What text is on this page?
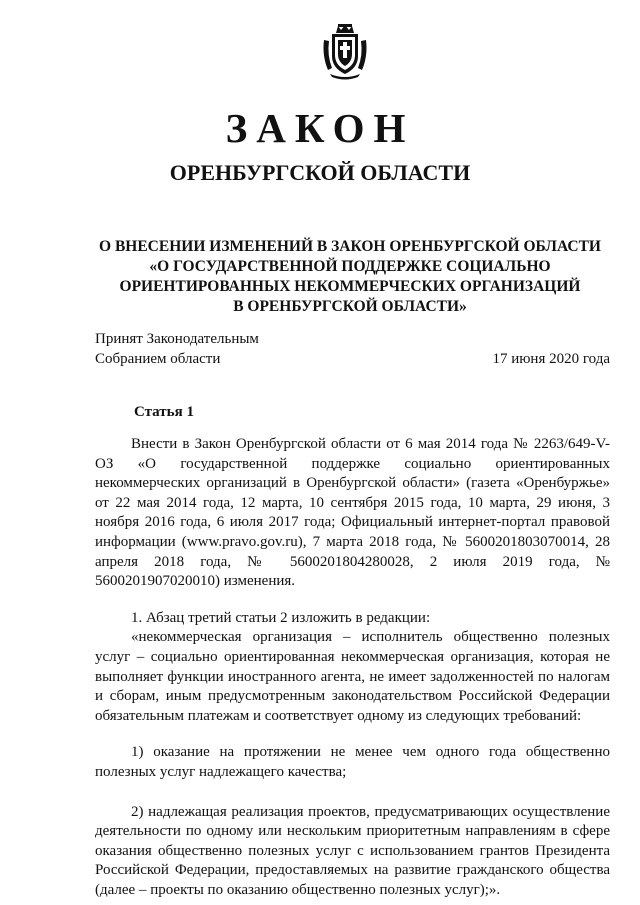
ЗАКОН
ОРЕНБУРГСКОЙ ОБЛАСТИ
О ВНЕСЕНИИ ИЗМЕНЕНИЙ В ЗАКОН ОРЕНБУРГСКОЙ ОБЛАСТИ
«О ГОСУДАРСТВЕННОЙ ПОДДЕРЖКЕ СОЦИАЛЬНО
ОРИЕНТИРОВАННЫХ НЕКОММЕРЧЕСКИХ ОРГАНИЗАЦИЙ
В ОРЕНБУРГСКОЙ ОБЛАСТИ»
Принят Законодательным
Собранием области	17 июня 2020 года
Статья 1

Внести в Закон Оренбургской области от 6 мая 2014 года № 2263/649-V-ОЗ «О государственной поддержке социально ориентированных некоммерческих организаций в Оренбургской области» (газета «Оренбуржье» от 22 мая 2014 года, 12 марта, 10 сентября 2015 года, 10 марта, 29 июня, 3 ноября 2016 года, 6 июля 2017 года; Официальный интернет-портал правовой информации (www.pravo.gov.ru), 7 марта 2018 года, № 5600201803070014, 28 апреля 2018 года, № 5600201804280028, 2 июля 2019 года, № 5600201907020010) изменения.

1. Абзац третий статьи 2 изложить в редакции:

«некоммерческая организация – исполнитель общественно полезных услуг – социально ориентированная некоммерческая организация, которая не выполняет функции иностранного агента, не имеет задолженностей по налогам и сборам, иным предусмотренным законодательством Российской Федерации обязательным платежам и соответствует одному из следующих требований:

1) оказание на протяжении не менее чем одного года общественно полезных услуг надлежащего качества;

2) надлежащая реализация проектов, предусматривающих осуществление деятельности по одному или нескольким приоритетным направлениям в сфере оказания общественно полезных услуг с использованием грантов Президента Российской Федерации, предоставляемых на развитие гражданского общества (далее – проекты по оказанию общественно полезных услуг);».
